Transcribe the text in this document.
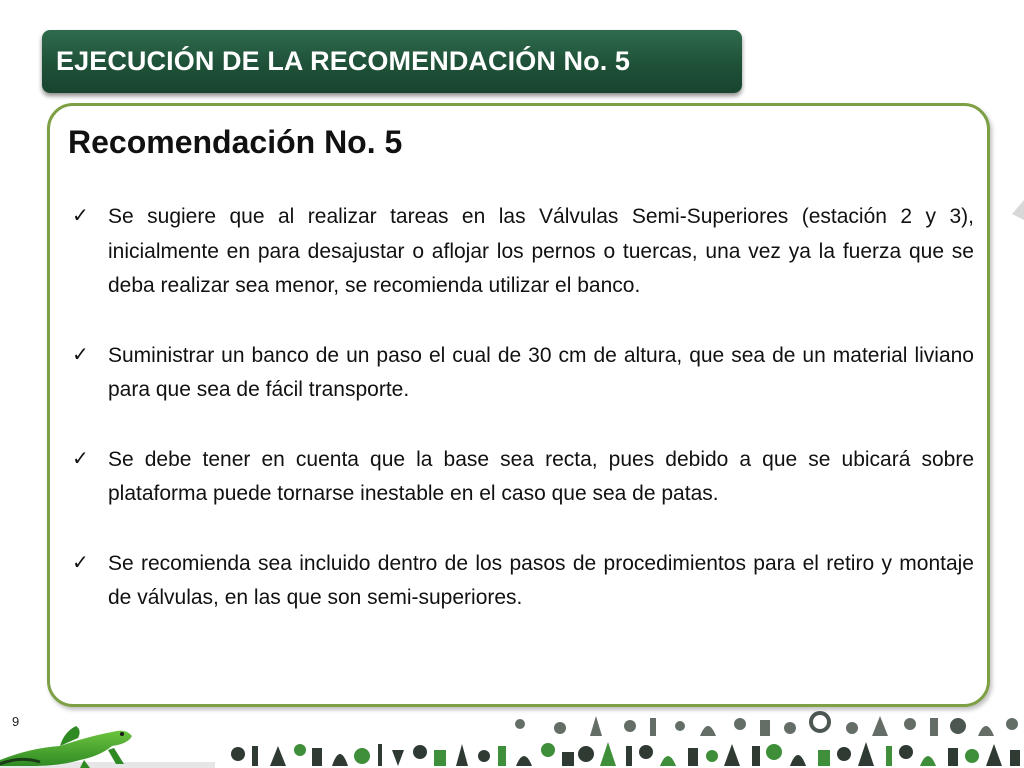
EJECUCIÓN DE LA RECOMENDACIÓN No. 5
Recomendación No. 5
✓ Se sugiere que al realizar tareas en las Válvulas Semi-Superiores (estación 2 y 3), inicialmente en para desajustar o aflojar los pernos o tuercas, una vez ya la fuerza que se deba realizar sea menor, se recomienda utilizar el banco.
✓ Suministrar un banco de un paso el cual de 30 cm de altura, que sea de un material liviano para que sea de fácil transporte.
✓ Se debe tener en cuenta que la base sea recta, pues debido a que se ubicará sobre plataforma puede tornarse inestable en el caso que sea de patas.
✓ Se recomienda sea incluido dentro de los pasos de procedimientos para el retiro y montaje de válvulas, en las que son semi-superiores.
9
